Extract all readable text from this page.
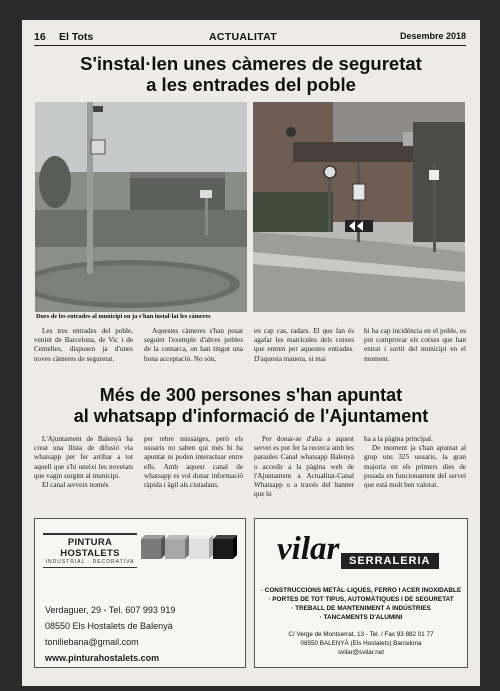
16 El Tots	ACTUALITAT	Desembre 2018
S'instal·len unes càmeres de seguretat
a les entrades del poble
Dues de les entrades al municipi on ja s'han instal·lat les càmeres

Les tres entrades del poble, venint de Barcelona, de Vic i de Centelles, disposen ja d'unes noves càmeres de seguretat.

Aquestes càmeres s'han posat seguint l'exemple d'altres pobles de la comarca, on han tingut una bona acceptació. No són,

en cap cas, radars. El que fan és agafar les matrícules dels cotxes que entren per aquestes entrades. D'aquesta manera, si mai

hi ha cap incidència en el poble, es pot comprovar els cotxes que han entrat i sortit del municipi en el moment.

Més de 300 persones s'han apuntat
al whatsapp d'informació de l'Ajuntament

L'Ajuntament de Balenyà ha creat una llista de difusió via whatsapp per fer arribar a tot aquell que s'hi uneixi les novetats que vagin sorgint al municipi.

El canal serveix només

per rebre missatges, però els usuaris no saben qui més hi ha apuntat ni poden interactuar entre ells. Amb aquest canal de whatsapp es vol donar informació ràpida i àgil als ciutadans.

Per donar-se d'alta a aquest servei es pot fer la recerca amb les paraules Canal whatsapp Balenyà o accedir a la pàgina web de l'Ajuntament a Actualitat-Canal Whatsapp o a través del banner que hi

ha a la pàgina principal.

De moment ja s'han apuntat al grup uns 325 usuaris, la gran majoria en els primers dies de posada en funcionament del servei que està molt ben valorat.

PINTURA HOSTALETS
INDUSTRIAL · DECORATIVA
Verdaguer, 29 - Tel. 607 993 919
08550 Els Hostalets de Balenyà
toniliebana@gmail.com
www.pinturahostalets.com
vilar SERRALERIA
· CONSTRUCCIONS METÀL·LIQUES, FERRO I ACER INOXIDABLE
· PORTES DE TOT TIPUS, AUTOMÀTIQUES I DE SEGURETAT
· TREBALL DE MANTENIMENT A INDÚSTRIES
· TANCAMENTS D'ALUMINI
C/ Verge de Montserrat, 13 - Tel. / Fax 93 882 01 77
08550 BALENYÀ (Els Hostalets) Barcelona
svilar@svilar.net
